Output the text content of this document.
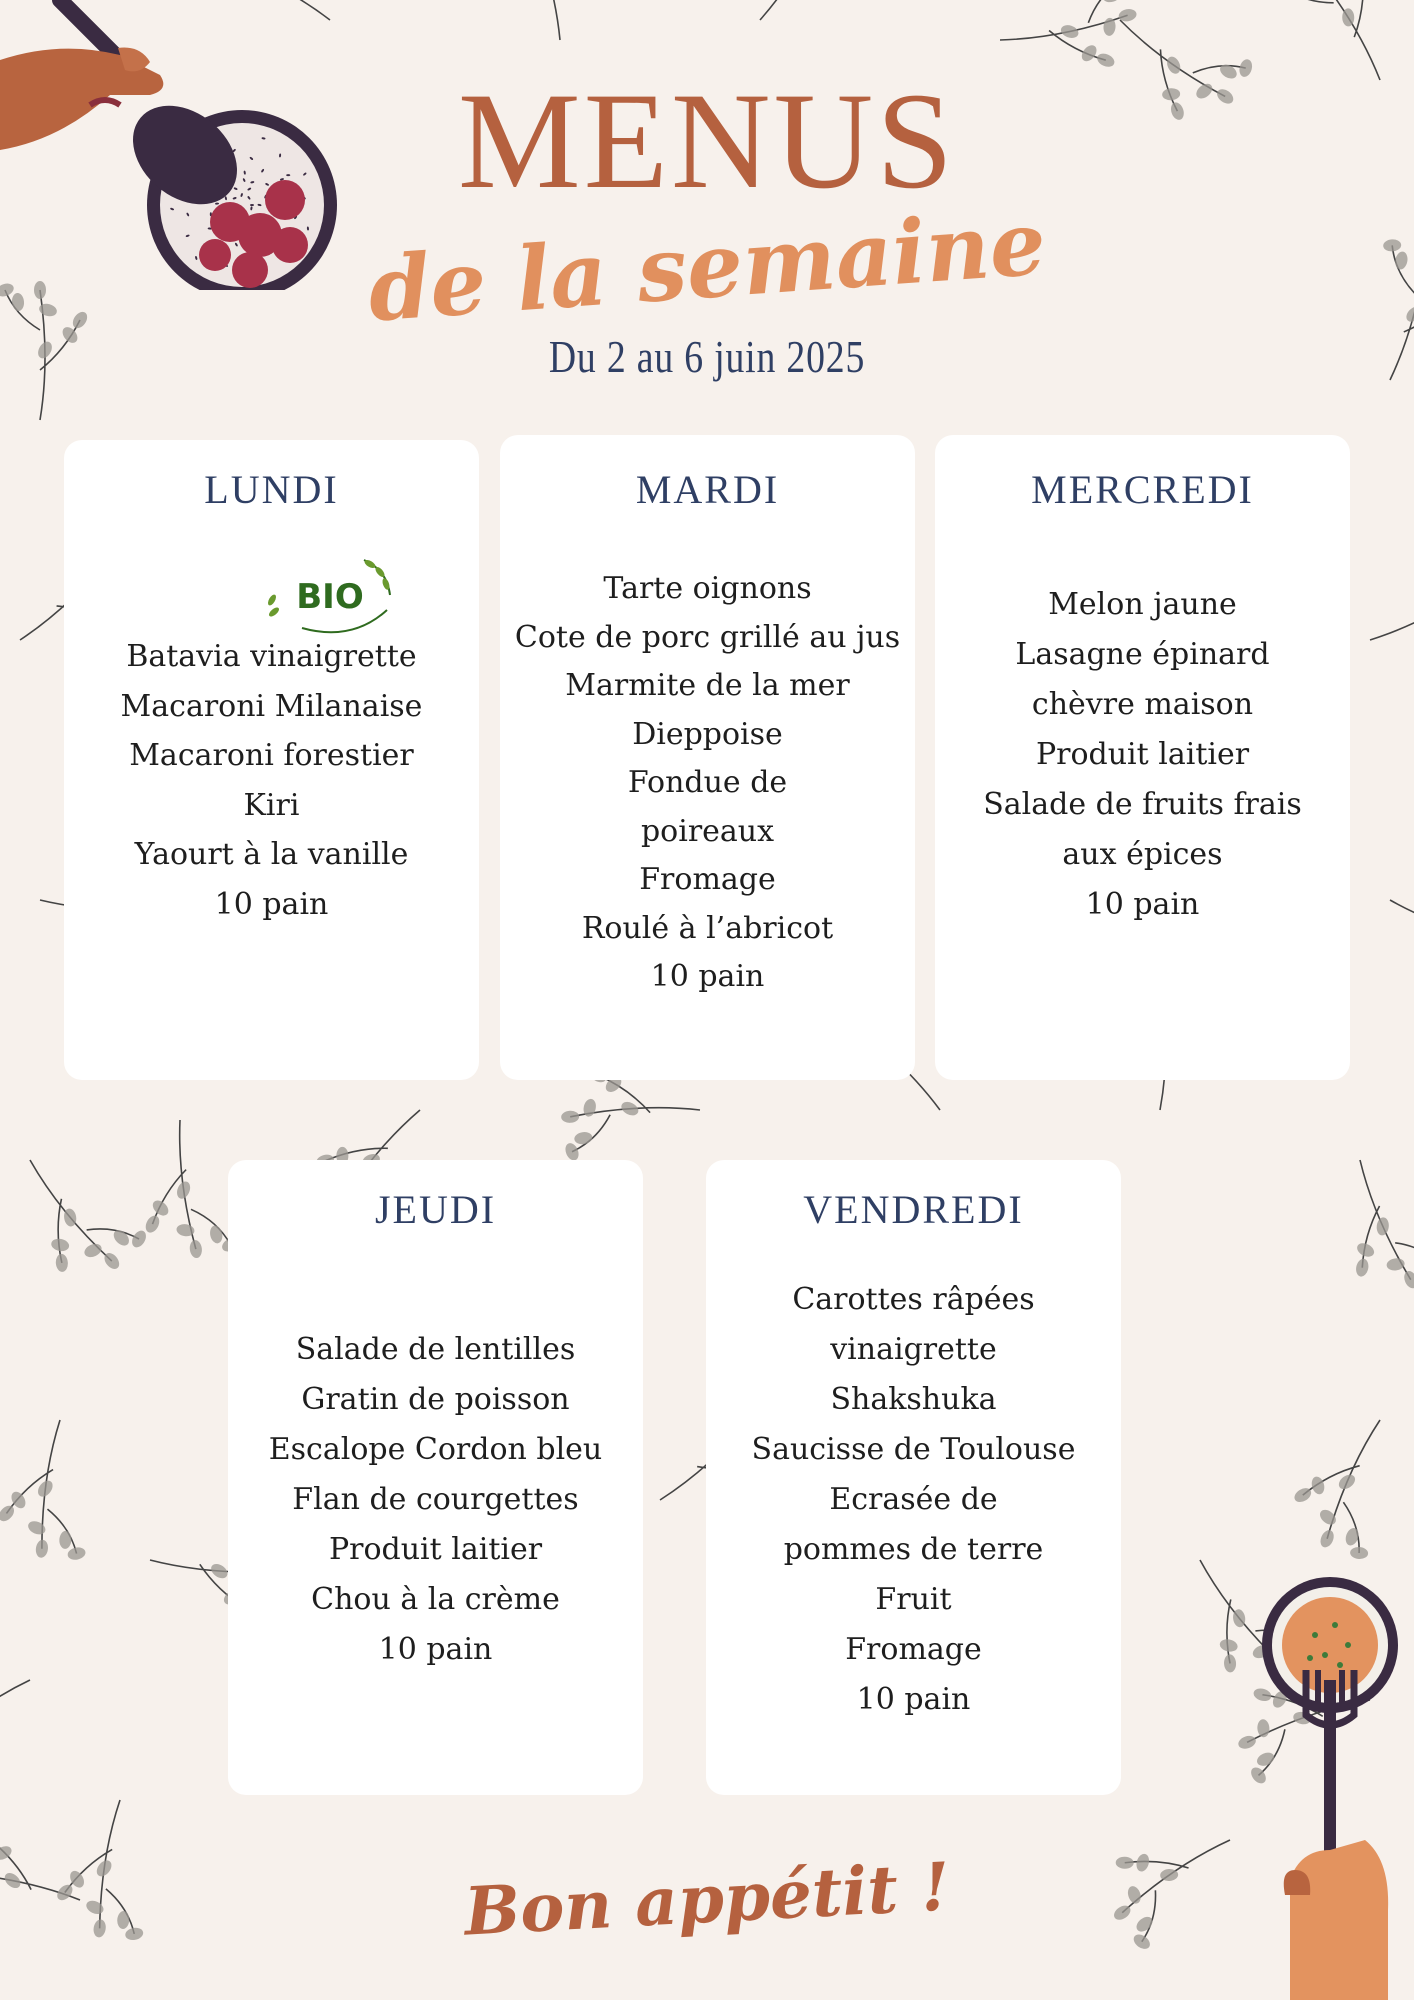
MENUS
de la semaine
Du 2 au 6 juin 2025
LUNDI
BIO
Batavia vinaigrette
Macaroni Milanaise
Macaroni forestier
Kiri
Yaourt à la vanille
10 pain
MARDI
Tarte oignons
Cote de porc grillé au jus
Marmite de la mer Dieppoise
Fondue de poireaux
Fromage
Roulé à l’abricot
10 pain
MERCREDI
Melon jaune
Lasagne épinard chèvre maison
Produit laitier
Salade de fruits frais aux épices
10 pain
JEUDI
Salade de lentilles
Gratin de poisson
Escalope Cordon bleu
Flan de courgettes
Produit laitier
Chou à la crème
10 pain
VENDREDI
Carottes râpées vinaigrette
Shakshuka
Saucisse de Toulouse
Ecrasée de pommes de terre
Fruit
Fromage
10 pain
Bon appétit !
